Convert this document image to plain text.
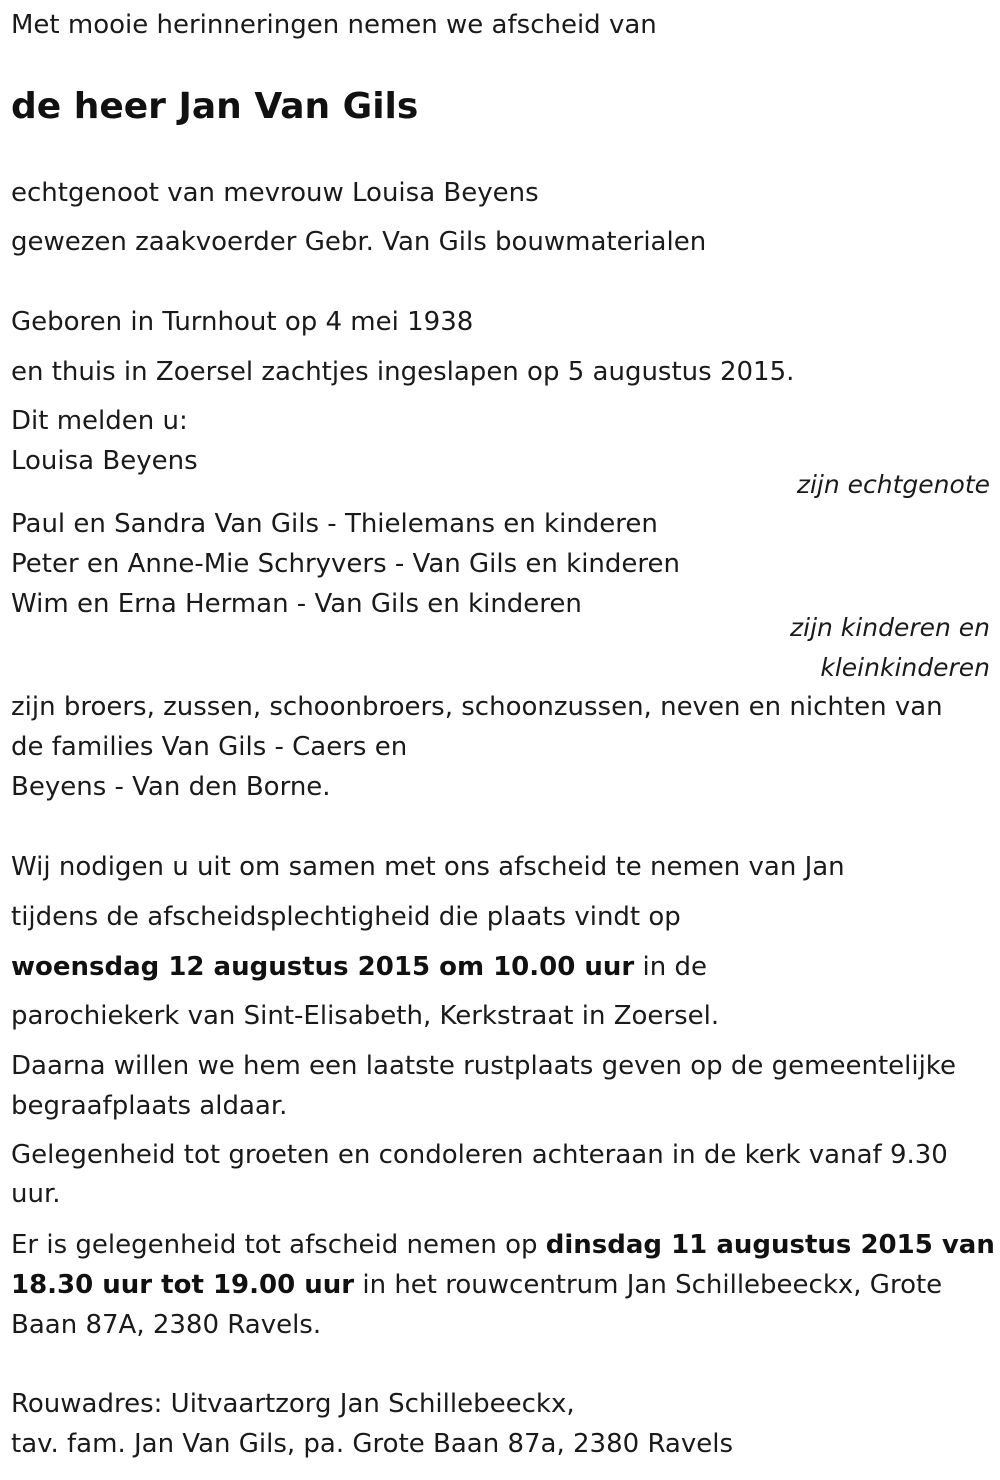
Met mooie herinneringen nemen we afscheid van

de heer Jan Van Gils

echtgenoot van mevrouw Louisa Beyens

gewezen zaakvoerder Gebr. Van Gils bouwmaterialen

Geboren in Turnhout op 4 mei 1938

en thuis in Zoersel zachtjes ingeslapen op 5 augustus 2015.

Dit melden u:

Louisa Beyens

zijn echtgenote

Paul en Sandra Van Gils - Thielemans en kinderen

Peter en Anne-Mie Schryvers - Van Gils en kinderen

Wim en Erna Herman - Van Gils en kinderen

zijn kinderen en

kleinkinderen

zijn broers, zussen, schoonbroers, schoonzussen, neven en nichten van

de families Van Gils - Caers en

Beyens - Van den Borne.

Wij nodigen u uit om samen met ons afscheid te nemen van Jan

tijdens de afscheidsplechtigheid die plaats vindt op

woensdag 12 augustus 2015 om 10.00 uur in de

parochiekerk van Sint-Elisabeth, Kerkstraat in Zoersel.

Daarna willen we hem een laatste rustplaats geven op de gemeentelijke

begraafplaats aldaar.

Gelegenheid tot groeten en condoleren achteraan in de kerk vanaf 9.30

uur.

Er is gelegenheid tot afscheid nemen op dinsdag 11 augustus 2015 van

18.30 uur tot 19.00 uur in het rouwcentrum Jan Schillebeeckx, Grote

Baan 87A, 2380 Ravels.

Rouwadres: Uitvaartzorg Jan Schillebeeckx,

tav. fam. Jan Van Gils, pa. Grote Baan 87a, 2380 Ravels
